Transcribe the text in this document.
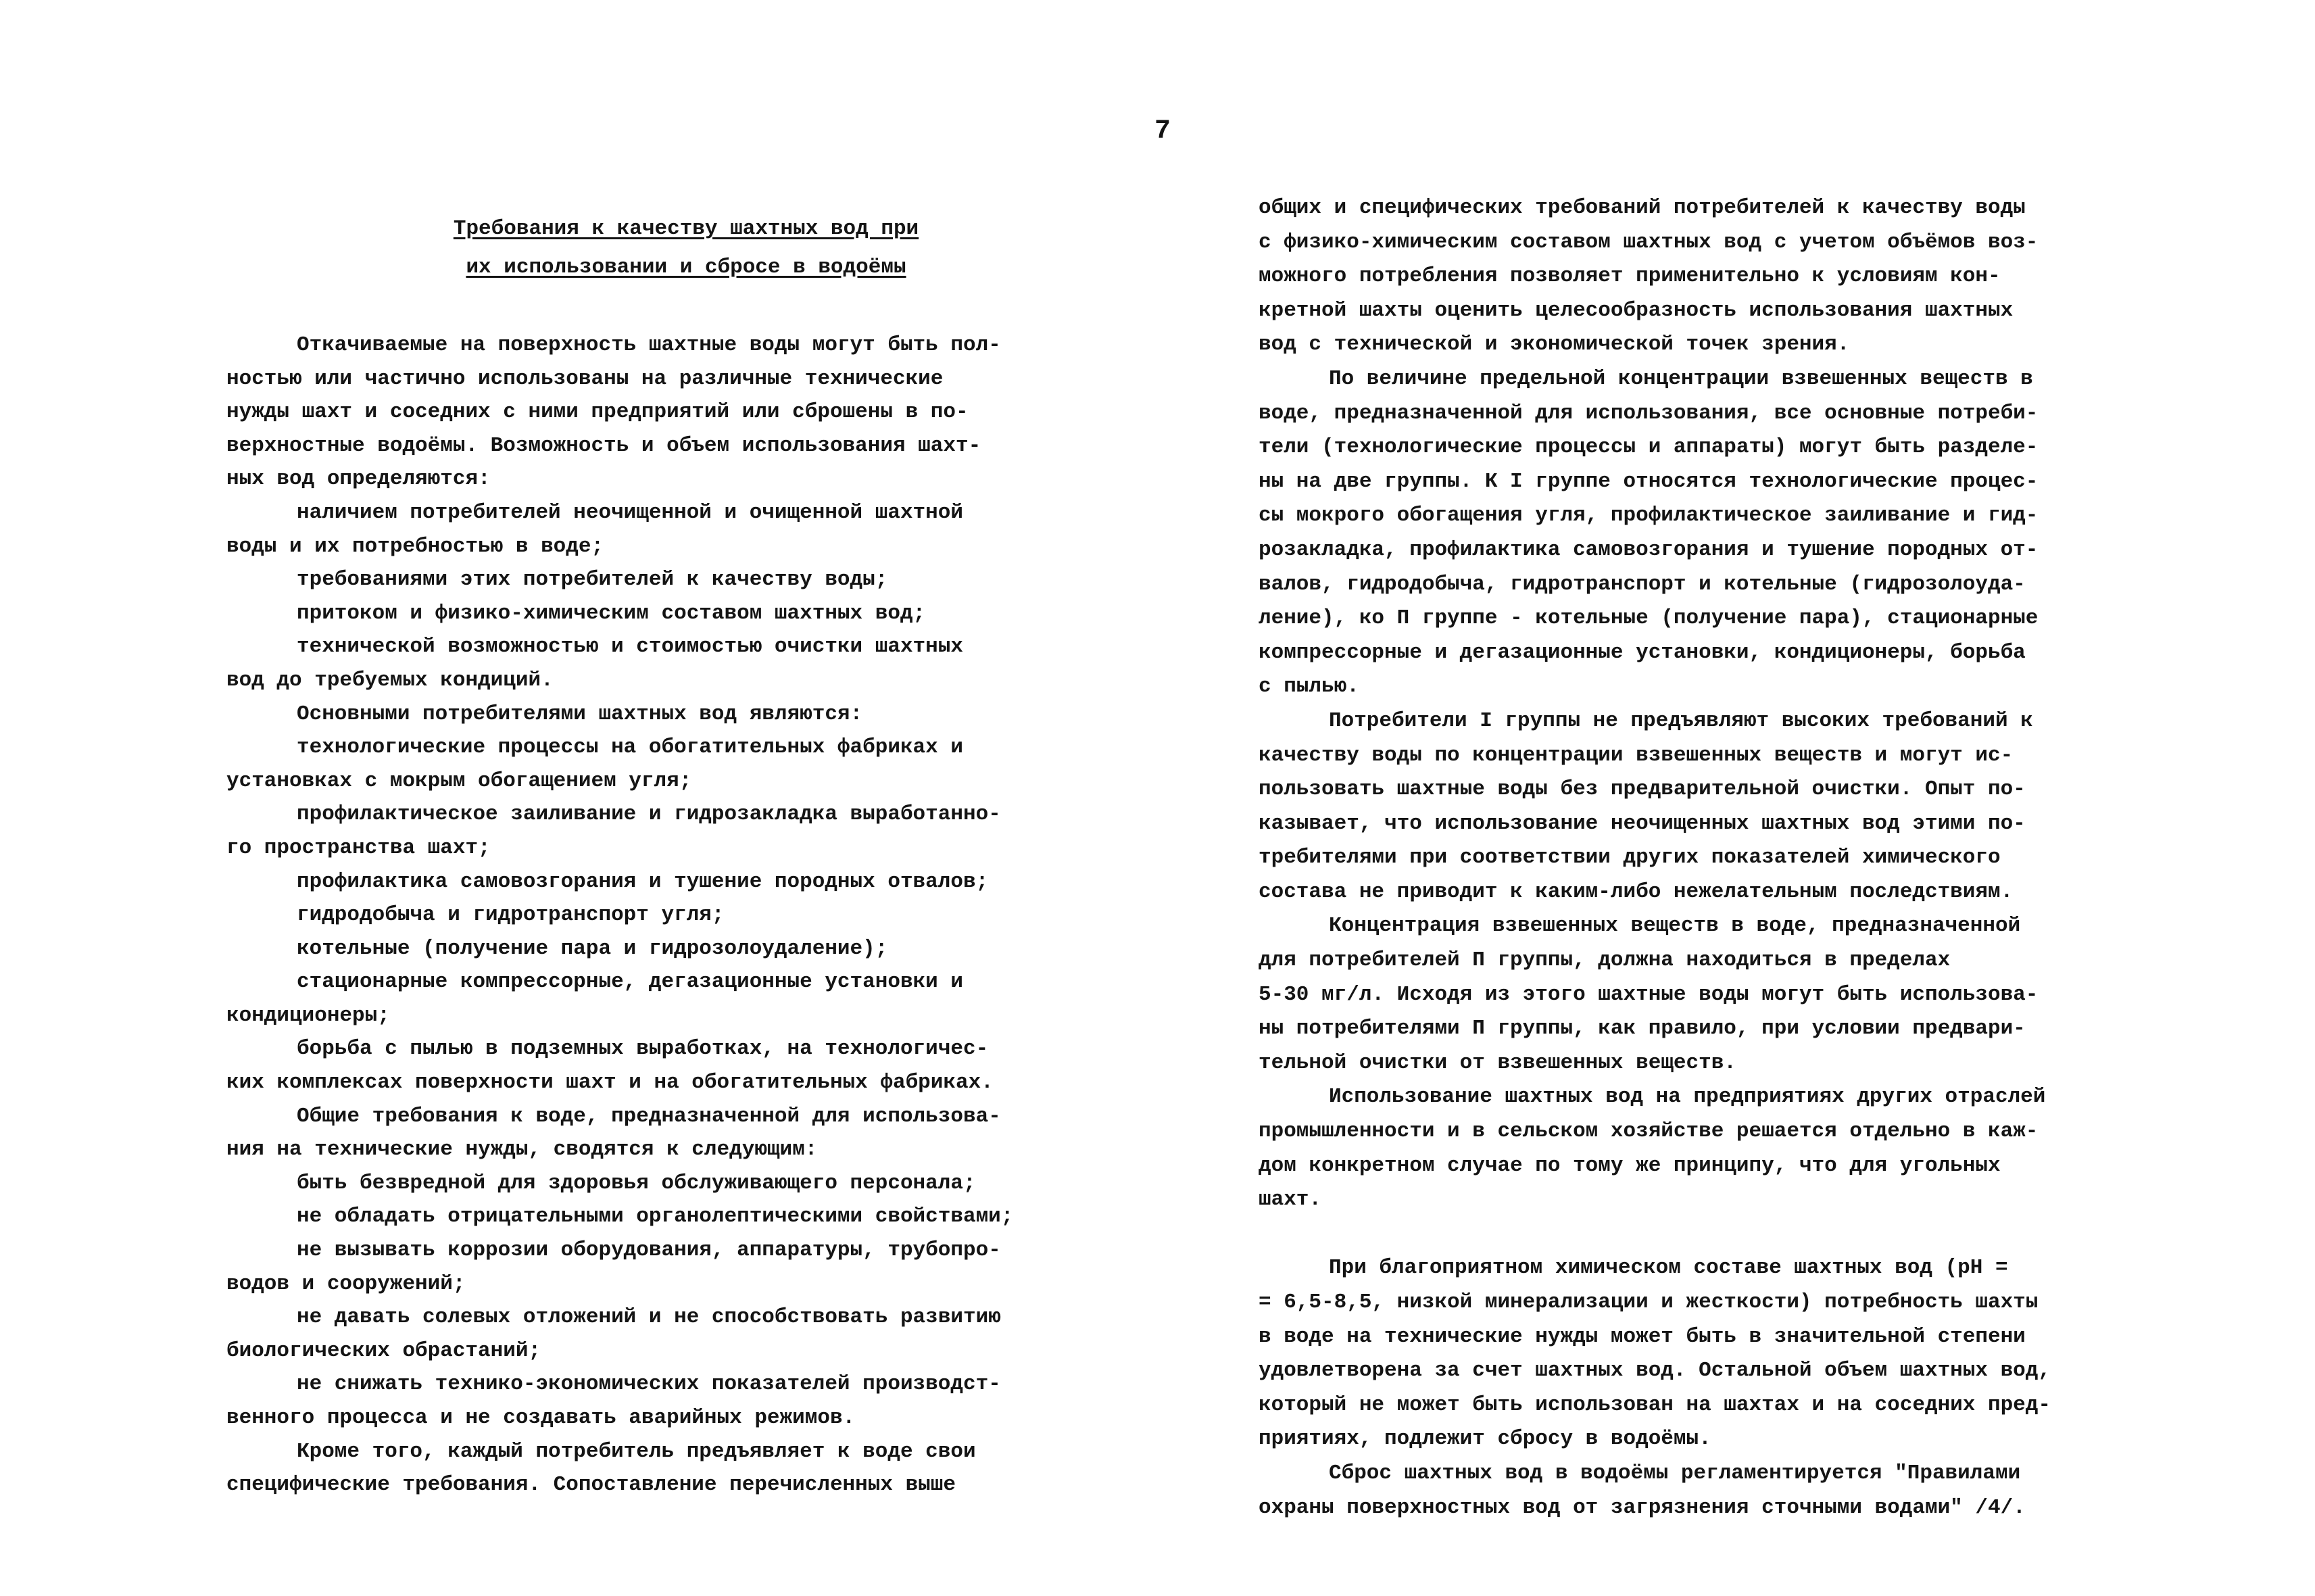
7
Требования к качеству шахтных вод при
их использовании и сбросе в водоёмы
Откачиваемые на поверхность шахтные воды могут быть пол-
ностью или частично использованы на различные технические
нужды шахт и соседних с ними предприятий или сброшены в по-
верхностные водоёмы. Возможность и объем использования шахт-
ных вод определяются:
наличием потребителей неочищенной и очищенной шахтной
воды и их потребностью в воде;
требованиями этих потребителей к качеству воды;
притоком и физико-химическим составом шахтных вод;
технической возможностью и стоимостью очистки шахтных
вод до требуемых кондиций.
Основными потребителями шахтных вод являются:
технологические процессы на обогатительных фабриках и
установках с мокрым обогащением угля;
профилактическое заиливание и гидрозакладка выработанно-
го пространства шахт;
профилактика самовозгорания и тушение породных отвалов;
гидродобыча и гидротранспорт угля;
котельные (получение пара и гидрозолоудаление);
стационарные компрессорные, дегазационные установки и
кондиционеры;
борьба с пылью в подземных выработках, на технологичес-
ких комплексах поверхности шахт и на обогатительных фабриках.
Общие требования к воде, предназначенной для использова-
ния на технические нужды, сводятся к следующим:
быть безвредной для здоровья обслуживающего персонала;
не обладать отрицательными органолептическими свойствами;
не вызывать коррозии оборудования, аппаратуры, трубопро-
водов и сооружений;
не давать солевых отложений и не способствовать развитию
биологических обрастаний;
не снижать технико-экономических показателей производст-
венного процесса и не создавать аварийных режимов.
Кроме того, каждый потребитель предъявляет к воде свои
специфические требования. Сопоставление перечисленных выше
общих и специфических требований потребителей к качеству воды
с физико-химическим составом шахтных вод с учетом объёмов воз-
можного потребления позволяет применительно к условиям кон-
кретной шахты оценить целесообразность использования шахтных
вод с технической и экономической точек зрения.
По величине предельной концентрации взвешенных веществ в
воде, предназначенной для использования, все основные потреби-
тели (технологические процессы и аппараты) могут быть разделе-
ны на две группы. К I группе относятся технологические процес-
сы мокрого обогащения угля, профилактическое заиливание и гид-
розакладка, профилактика самовозгорания и тушение породных от-
валов, гидродобыча, гидротранспорт и котельные (гидрозолоуда-
ление), ко П группе - котельные (получение пара), стационарные
компрессорные и дегазационные установки, кондиционеры, борьба
с пылью.
Потребители I группы не предъявляют высоких требований к
качеству воды по концентрации взвешенных веществ и могут ис-
пользовать шахтные воды без предварительной очистки. Опыт по-
казывает, что использование неочищенных шахтных вод этими по-
требителями при соответствии других показателей химического
состава не приводит к каким-либо нежелательным последствиям.
Концентрация взвешенных веществ в воде, предназначенной
для потребителей П группы, должна находиться в пределах
5-30 мг/л. Исходя из этого шахтные воды могут быть использова-
ны потребителями П группы, как правило, при условии предвари-
тельной очистки от взвешенных веществ.
Использование шахтных вод на предприятиях других отраслей
промышленности и в сельском хозяйстве решается отдельно в каж-
дом конкретном случае по тому же принципу, что для угольных
шахт.
При благоприятном химическом составе шахтных вод (рН =
= 6,5-8,5, низкой минерализации и жесткости) потребность шахты
в воде на технические нужды может быть в значительной степени
удовлетворена за счет шахтных вод. Остальной объем шахтных вод,
который не может быть использован на шахтах и на соседних пред-
приятиях, подлежит сбросу в водоёмы.
Сброс шахтных вод в водоёмы регламентируется "Правилами
охраны поверхностных вод от загрязнения сточными водами" /4/.
